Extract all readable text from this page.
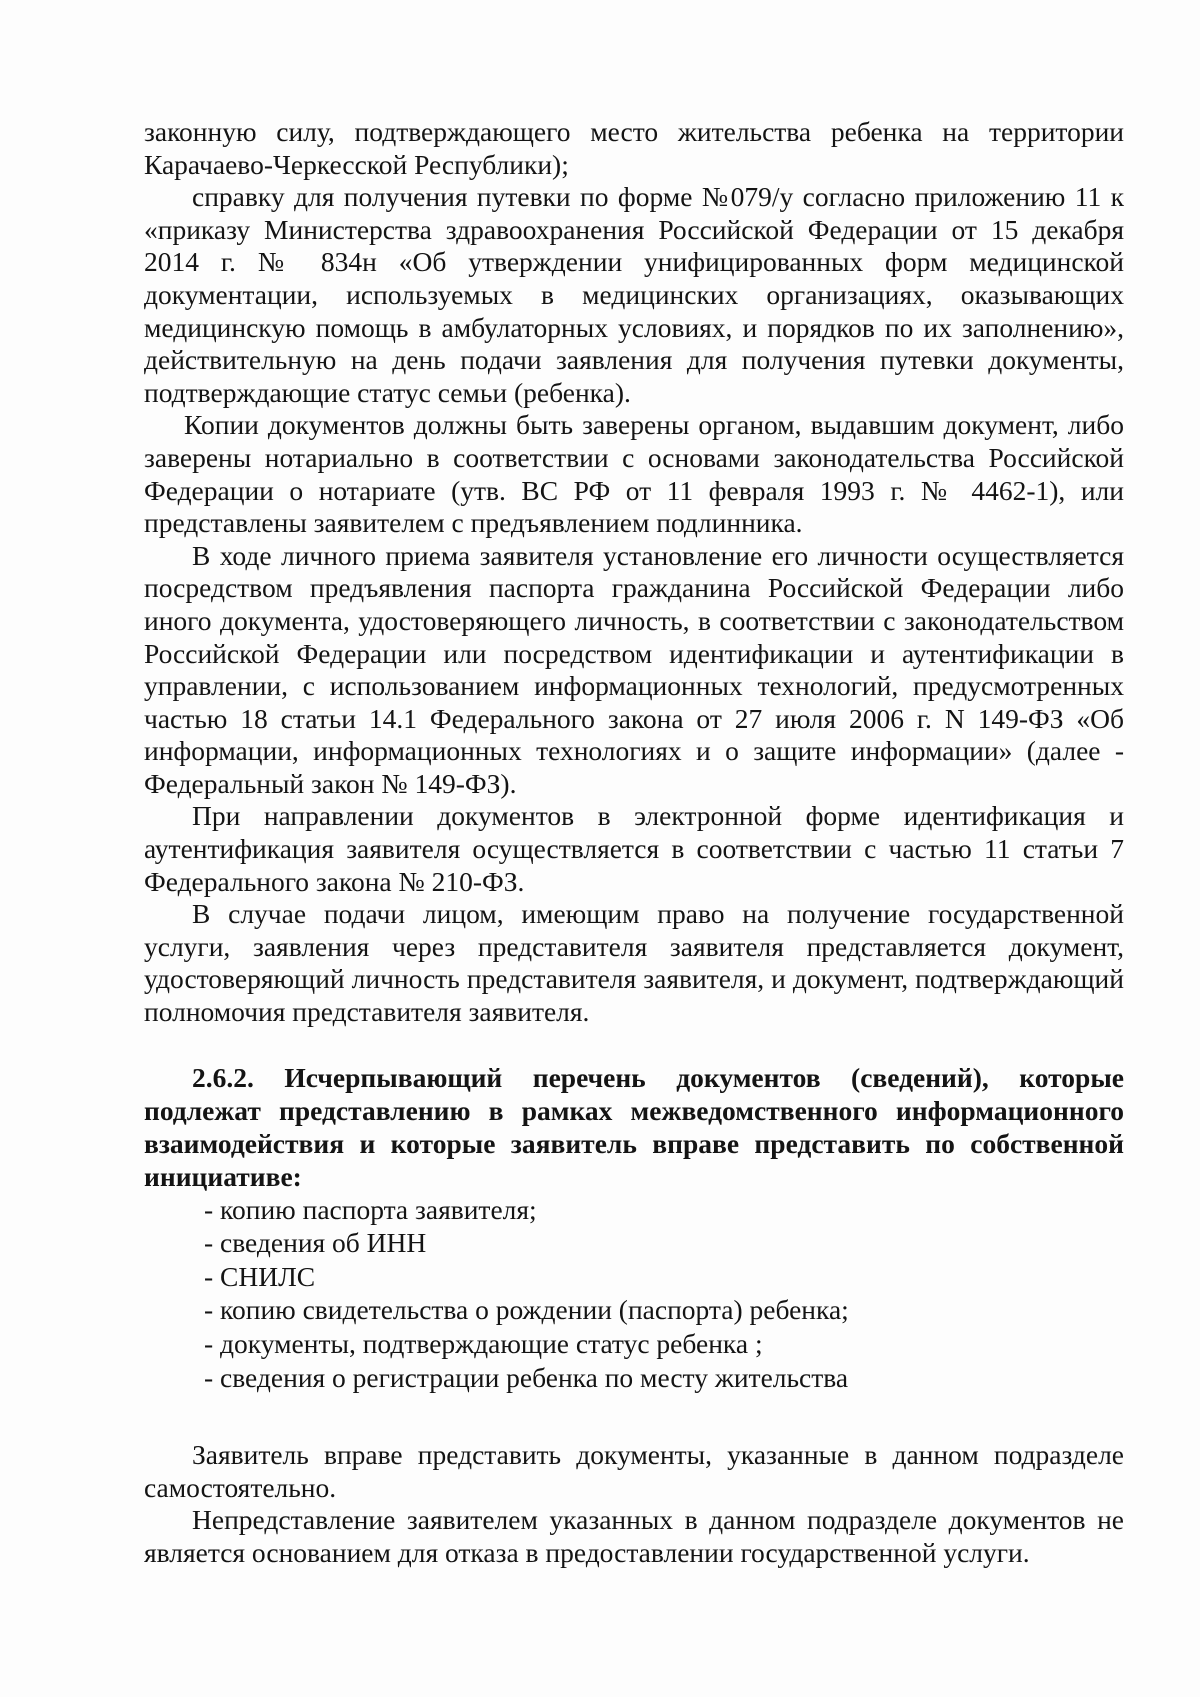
законную силу, подтверждающего место жительства ребенка на территории Карачаево-Черкесской Республики);

справку для получения путевки по форме №079/у согласно приложению 11 к «приказу Министерства здравоохранения Российской Федерации от 15 декабря 2014 г. № 834н «Об утверждении унифицированных форм медицинской документации, используемых в медицинских организациях, оказывающих медицинскую помощь в амбулаторных условиях, и порядков по их заполнению», действительную на день подачи заявления для получения путевки документы, подтверждающие статус семьи (ребенка).

Копии документов должны быть заверены органом, выдавшим документ, либо заверены нотариально в соответствии с основами законодательства Российской Федерации о нотариате (утв. ВС РФ от 11 февраля 1993 г. № 4462-1), или представлены заявителем с предъявлением подлинника.

В ходе личного приема заявителя установление его личности осуществляется посредством предъявления паспорта гражданина Российской Федерации либо иного документа, удостоверяющего личность, в соответствии с законодательством Российской Федерации или посредством идентификации и аутентификации в управлении, с использованием информационных технологий, предусмотренных частью 18 статьи 14.1 Федерального закона от 27 июля 2006 г. N 149-ФЗ «Об информации, информационных технологиях и о защите информации» (далее - Федеральный закон № 149-ФЗ).

При направлении документов в электронной форме идентификация и аутентификация заявителя осуществляется в соответствии с частью 11 статьи 7 Федерального закона № 210-ФЗ.

В случае подачи лицом, имеющим право на получение государственной услуги, заявления через представителя заявителя представляется документ, удостоверяющий личность представителя заявителя, и документ, подтверждающий полномочия представителя заявителя.

2.6.2. Исчерпывающий перечень документов (сведений), которые подлежат представлению в рамках межведомственного информационного взаимодействия и которые заявитель вправе представить по собственной инициативе:

- копию паспорта заявителя;
- сведения об ИНН
- СНИЛС
- копию свидетельства о рождении (паспорта) ребенка;
- документы, подтверждающие статус ребенка ;
- сведения о регистрации ребенка по месту жительства

Заявитель вправе представить документы, указанные в данном подразделе самостоятельно.

Непредставление заявителем указанных в данном подразделе документов не является основанием для отказа в предоставлении государственной услуги.
